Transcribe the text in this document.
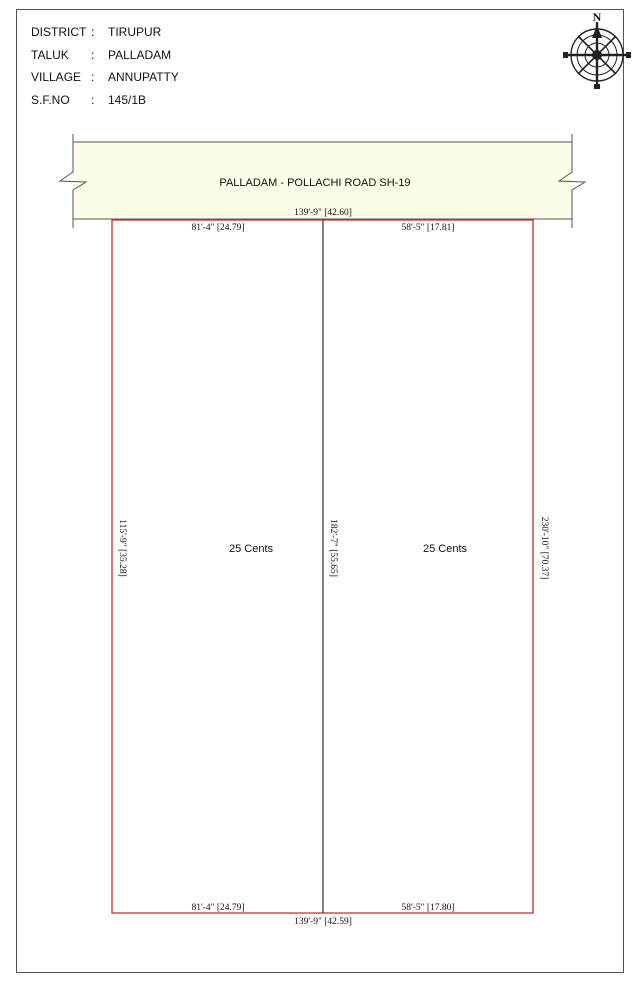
DISTRICT : TIRUPUR
TALUK : PALLADAM
VILLAGE : ANNUPATTY
S.F.NO : 145/1B
N
PALLADAM - POLLACHI ROAD SH-19
139'-9" [42.60]
81'-4" [24.79]	58'-5" [17.81]
81'-4" [24.79]	58'-5" [17.80]
139'-9" [42.59]
115'-9" [35.28]	182'-7" [55.65]	230'-10" [70.37]
25 Cents	25 Cents
